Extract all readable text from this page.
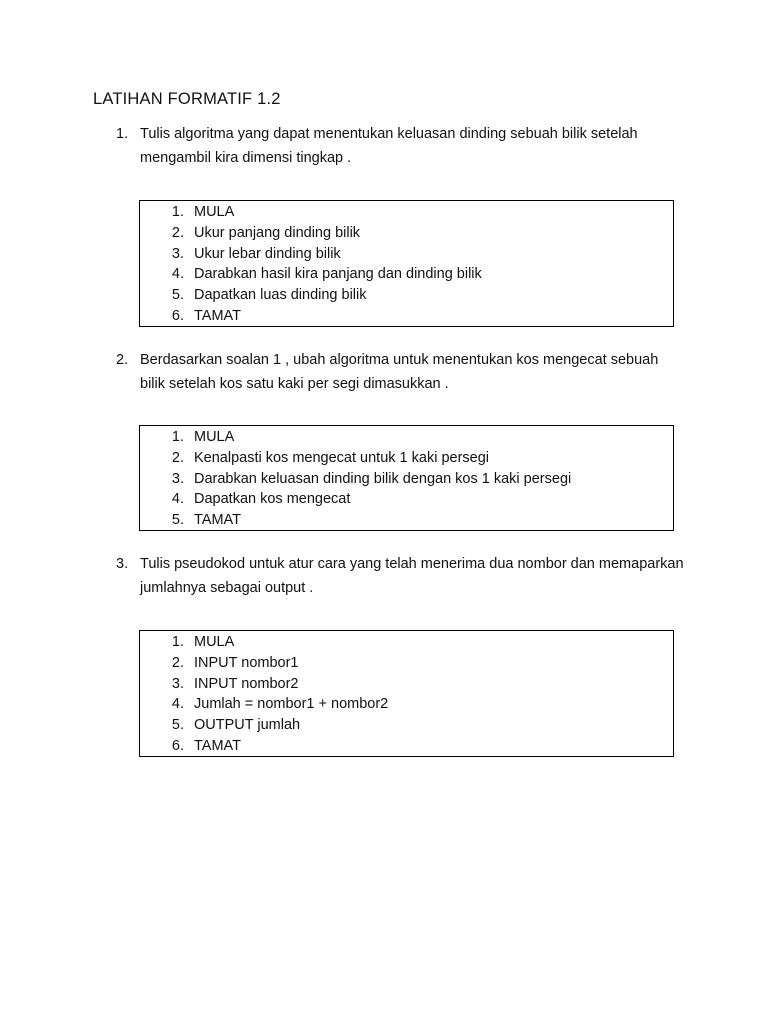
LATIHAN FORMATIF 1.2
1. Tulis algoritma yang dapat menentukan keluasan dinding sebuah bilik setelah mengambil kira dimensi tingkap .
1. MULA
2. Ukur panjang dinding bilik
3. Ukur lebar dinding bilik
4. Darabkan hasil kira panjang dan dinding bilik
5. Dapatkan luas dinding bilik
6. TAMAT
2. Berdasarkan soalan 1 , ubah algoritma untuk menentukan kos mengecat sebuah bilik setelah kos satu kaki per segi dimasukkan .
1. MULA
2. Kenalpasti kos mengecat untuk 1 kaki persegi
3. Darabkan keluasan dinding bilik dengan kos 1 kaki persegi
4. Dapatkan kos mengecat
5. TAMAT
3. Tulis pseudokod untuk atur cara yang telah menerima dua nombor dan memaparkan jumlahnya sebagai output .
1. MULA
2. INPUT nombor1
3. INPUT nombor2
4. Jumlah = nombor1 + nombor2
5. OUTPUT jumlah
6. TAMAT
